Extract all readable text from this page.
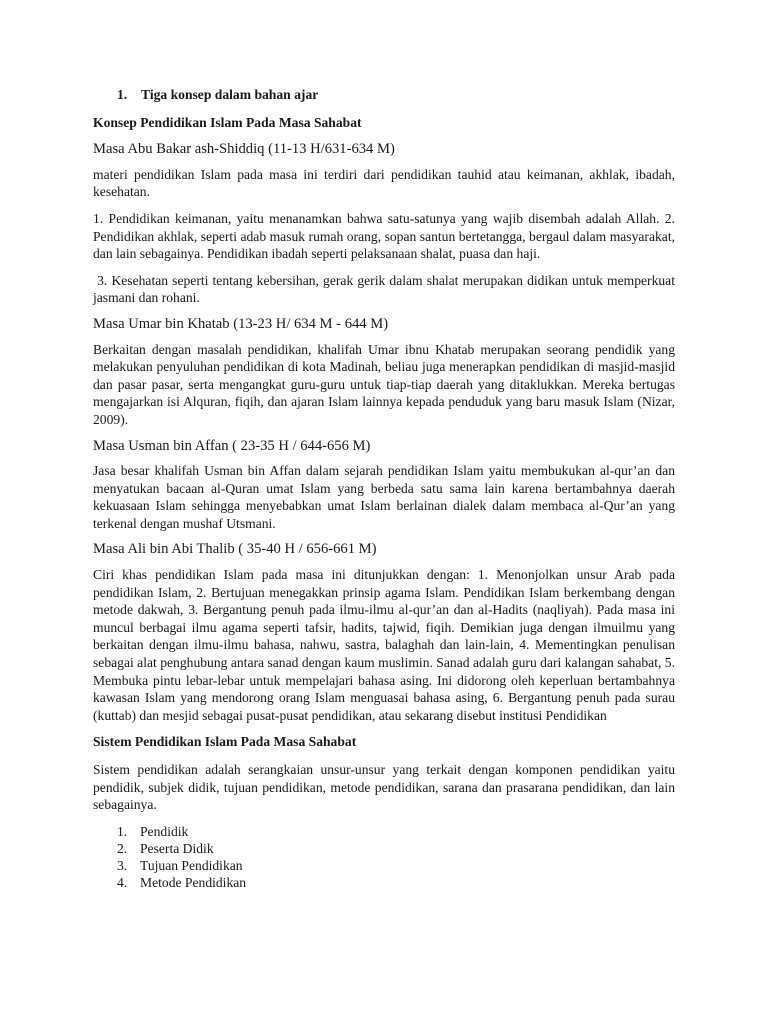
1.	Tiga konsep dalam bahan ajar
Konsep Pendidikan Islam Pada Masa Sahabat
Masa Abu Bakar ash-Shiddiq (11-13 H/631-634 M)

materi pendidikan Islam pada masa ini terdiri dari pendidikan tauhid atau keimanan, akhlak, ibadah, kesehatan.

1. Pendidikan keimanan, yaitu menanamkan bahwa satu-satunya yang wajib disembah adalah Allah. 2. Pendidikan akhlak, seperti adab masuk rumah orang, sopan santun bertetangga, bergaul dalam masyarakat, dan lain sebagainya. Pendidikan ibadah seperti pelaksanaan shalat, puasa dan haji.

3. Kesehatan seperti tentang kebersihan, gerak gerik dalam shalat merupakan didikan untuk memperkuat jasmani dan rohani.

Masa Umar bin Khatab (13-23 H/ 634 M - 644 M)

Berkaitan dengan masalah pendidikan, khalifah Umar ibnu Khatab merupakan seorang pendidik yang melakukan penyuluhan pendidikan di kota Madinah, beliau juga menerapkan pendidikan di masjid-masjid dan pasar pasar, serta mengangkat guru-guru untuk tiap-tiap daerah yang ditaklukkan. Mereka bertugas mengajarkan isi Alquran, fiqih, dan ajaran Islam lainnya kepada penduduk yang baru masuk Islam (Nizar, 2009).

Masa Usman bin Affan ( 23-35 H / 644-656 M)

Jasa besar khalifah Usman bin Affan dalam sejarah pendidikan Islam yaitu membukukan al-qur’an dan menyatukan bacaan al-Quran umat Islam yang berbeda satu sama lain karena bertambahnya daerah kekuasaan Islam sehingga menyebabkan umat Islam berlainan dialek dalam membaca al-Qur’an yang terkenal dengan mushaf Utsmani.

Masa Ali bin Abi Thalib ( 35-40 H / 656-661 M)

Ciri khas pendidikan Islam pada masa ini ditunjukkan dengan: 1. Menonjolkan unsur Arab pada pendidikan Islam, 2. Bertujuan menegakkan prinsip agama Islam. Pendidikan Islam berkembang dengan metode dakwah, 3. Bergantung penuh pada ilmu-ilmu al-qur’an dan al-Hadits (naqliyah). Pada masa ini muncul berbagai ilmu agama seperti tafsir, hadits, tajwid, fiqih. Demikian juga dengan ilmuilmu yang berkaitan dengan ilmu-ilmu bahasa, nahwu, sastra, balaghah dan lain-lain, 4. Mementingkan penulisan sebagai alat penghubung antara sanad dengan kaum muslimin. Sanad adalah guru dari kalangan sahabat, 5. Membuka pintu lebar-lebar untuk mempelajari bahasa asing. Ini didorong oleh keperluan bertambahnya kawasan Islam yang mendorong orang Islam menguasai bahasa asing, 6. Bergantung penuh pada surau (kuttab) dan mesjid sebagai pusat-pusat pendidikan, atau sekarang disebut institusi Pendidikan

Sistem Pendidikan Islam Pada Masa Sahabat

Sistem pendidikan adalah serangkaian unsur-unsur yang terkait dengan komponen pendidikan yaitu pendidik, subjek didik, tujuan pendidikan, metode pendidikan, sarana dan prasarana pendidikan, dan lain sebagainya.

1. Pendidik
2. Peserta Didik
3. Tujuan Pendidikan
4. Metode Pendidikan
